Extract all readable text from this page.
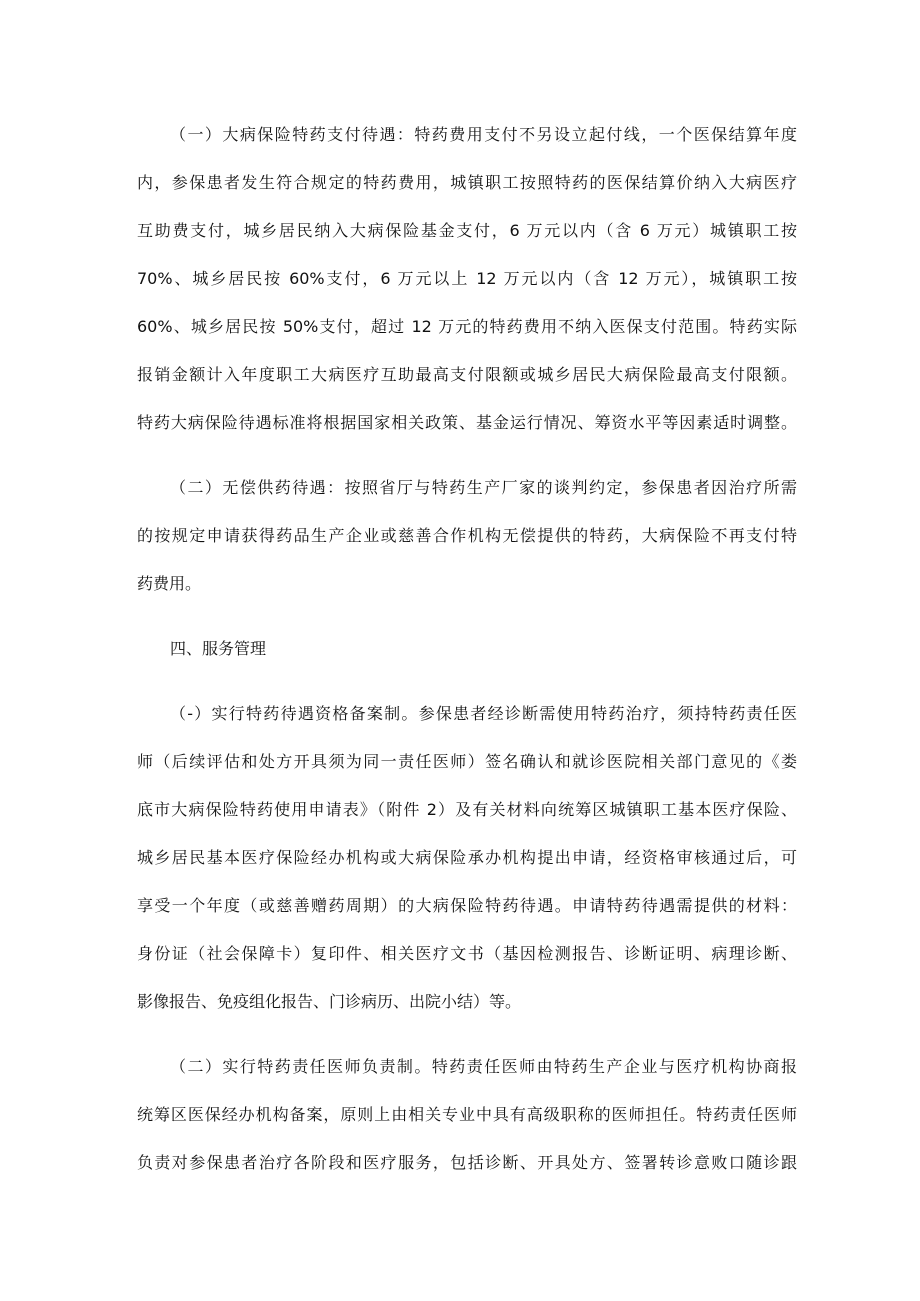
（一）大病保险特药支付待遇：特药费用支付不另设立起付线，一个医保结算年度
内，参保患者发生符合规定的特药费用，城镇职工按照特药的医保结算价纳入大病医疗
互助费支付，城乡居民纳入大病保险基金支付，6 万元以内（含 6 万元）城镇职工按
70%、城乡居民按 60%支付，6 万元以上 12 万元以内（含 12 万元），城镇职工按
60%、城乡居民按 50%支付，超过 12 万元的特药费用不纳入医保支付范围。特药实际
报销金额计入年度职工大病医疗互助最高支付限额或城乡居民大病保险最高支付限额。
特药大病保险待遇标准将根据国家相关政策、基金运行情况、筹资水平等因素适时调整。
（二）无偿供药待遇：按照省厅与特药生产厂家的谈判约定，参保患者因治疗所需
的按规定申请获得药品生产企业或慈善合作机构无偿提供的特药，大病保险不再支付特
药费用。
四、服务管理
（-）实行特药待遇资格备案制。参保患者经诊断需使用特药治疗，须持特药责任医
师（后续评估和处方开具须为同一责任医师）签名确认和就诊医院相关部门意见的《娄
底市大病保险特药使用申请表》（附件 2）及有关材料向统筹区城镇职工基本医疗保险、
城乡居民基本医疗保险经办机构或大病保险承办机构提出申请，经资格审核通过后，可
享受一个年度（或慈善赠药周期）的大病保险特药待遇。申请特药待遇需提供的材料：
身份证（社会保障卡）复印件、相关医疗文书（基因检测报告、诊断证明、病理诊断、
影像报告、免疫组化报告、门诊病历、出院小结）等。
（二）实行特药责任医师负责制。特药责任医师由特药生产企业与医疗机构协商报
统筹区医保经办机构备案，原则上由相关专业中具有高级职称的医师担任。特药责任医师
负责对参保患者治疗各阶段和医疗服务，包括诊断、开具处方、签署转诊意败口随诊跟
